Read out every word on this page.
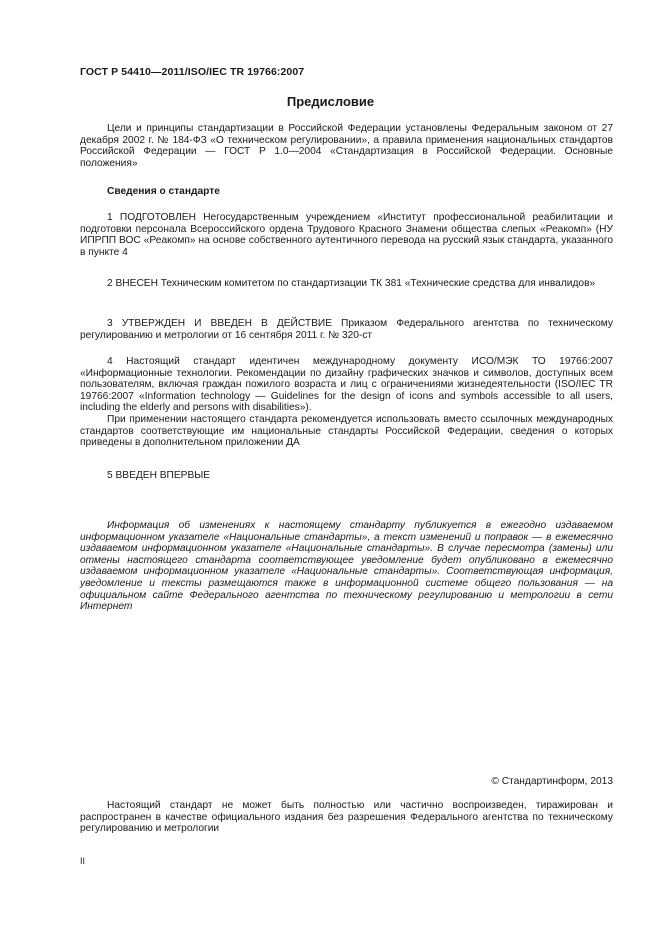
ГОСТ Р 54410—2011/ISO/IEC TR 19766:2007
Предисловие

Цели и принципы стандартизации в Российской Федерации установлены Федеральным законом от 27 декабря 2002 г. № 184-ФЗ «О техническом регулировании», а правила применения национальных стандартов Российской Федерации — ГОСТ Р 1.0—2004 «Стандартизация в Российской Федерации. Основные положения»

Сведения о стандарте

1 ПОДГОТОВЛЕН Негосударственным учреждением «Институт профессиональной реабилитации и подготовки персонала Всероссийского ордена Трудового Красного Знамени общества слепых «Реакомп» (НУ ИПРПП ВОС «Реакомп» на основе собственного аутентичного перевода на русский язык стандарта, указанного в пункте 4

2 ВНЕСЕН Техническим комитетом по стандартизации ТК 381 «Технические средства для инвалидов»

3 УТВЕРЖДЕН И ВВЕДЕН В ДЕЙСТВИЕ Приказом Федерального агентства по техническому регулированию и метрологии от 16 сентября 2011 г. № 320-ст

4 Настоящий стандарт идентичен международному документу ИСО/МЭК ТО 19766:2007 «Информационные технологии. Рекомендации по дизайну графических значков и символов, доступных всем пользователям, включая граждан пожилого возраста и лиц с ограничениями жизнедеятельности (ISO/IEC TR 19766:2007 «Information technology — Guidelines for the design of icons and symbols accessible to all users, including the elderly and persons with disabilities»).

При применении настоящего стандарта рекомендуется использовать вместо ссылочных международных стандартов соответствующие им национальные стандарты Российской Федерации, сведения о которых приведены в дополнительном приложении ДА

5 ВВЕДЕН ВПЕРВЫЕ

Информация об изменениях к настоящему стандарту публикуется в ежегодно издаваемом информационном указателе «Национальные стандарты», а текст изменений и поправок — в ежемесячно издаваемом информационном указателе «Национальные стандарты». В случае пересмотра (замены) или отмены настоящего стандарта соответствующее уведомление будет опубликовано в ежемесячно издаваемом информационном указателе «Национальные стандарты». Соответствующая информация, уведомление и тексты размещаются также в информационной системе общего пользования — на официальном сайте Федерального агентства по техническому регулированию и метрологии в сети Интернет

© Стандартинформ, 2013

Настоящий стандарт не может быть полностью или частично воспроизведен, тиражирован и распространен в качестве официального издания без разрешения Федерального агентства по техническому регулированию и метрологии

II
